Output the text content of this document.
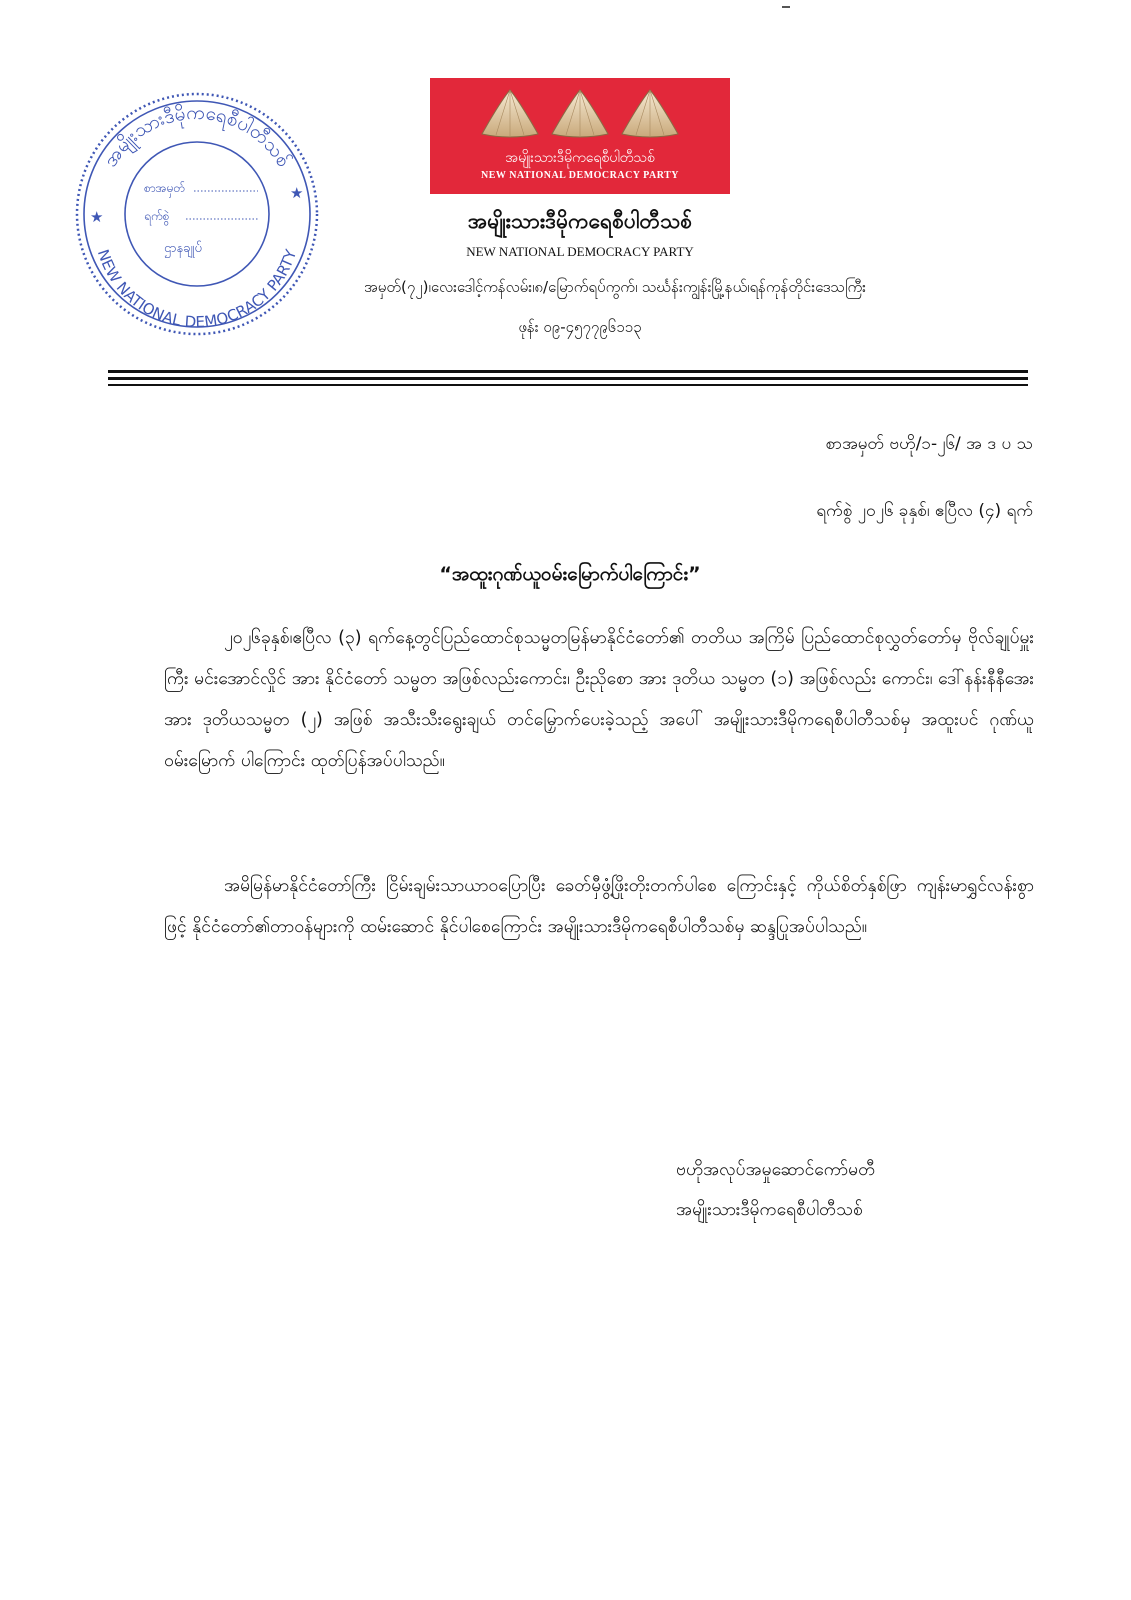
အမျိုးသားဒီမိုကရေစီပါတီသစ်
NEW NATIONAL DEMOCRACY PARTY
အမျိုးသားဒီမိုကရေစီပါတီသစ်
NEW NATIONAL DEMOCRACY PARTY
အမှတ်(၇၂)၊လေးဒေါင့်ကန်လမ်း၊၈/မြောက်ရပ်ကွက်၊ သင်္ဃန်းကျွန်းမြို့နယ်၊ရန်ကုန်တိုင်းဒေသကြီး
ဖုန်း ၀၉-၄၅၇၇၉၆၁၁၃
အမျိုးသားဒီမိုကရေစီပါတီသစ်
NEW NATIONAL DEMOCRACY PARTY
★
★
စာအမှတ်
ရက်စွဲ
ဌာနချုပ်
စာအမှတ် ဗဟို/၁-၂၆/ အ ဒ ပ သ
ရက်စွဲ ၂၀၂၆ ခုနှစ်၊ ဧပြီလ (၄) ရက်
“အထူးဂုဏ်ယူဝမ်းမြောက်ပါကြောင်း”
၂၀၂၆ခုနှစ်၊ဧပြီလ (၃) ရက်နေ့တွင်ပြည်ထောင်စုသမ္မတမြန်မာနိုင်ငံတော်၏ တတိယ အကြိမ် ပြည်ထောင်စုလွှတ်တော်မှ ဗိုလ်ချုပ်မှူးကြီး မင်းအောင်လှိုင် အား နိုင်ငံတော် သမ္မတ အဖြစ်လည်းကောင်း၊ ဦးညိုစော အား ဒုတိယ သမ္မတ (၁) အဖြစ်လည်း ကောင်း၊ ဒေါ်နန်းနီနီအေး အား ဒုတိယသမ္မတ (၂) အဖြစ် အသီးသီးရွေးချယ် တင်မြှောက်ပေးခဲ့သည့် အပေါ် အမျိုးသားဒီမိုကရေစီပါတီသစ်မှ အထူးပင် ဂုဏ်ယူဝမ်းမြောက် ပါကြောင်း ထုတ်ပြန်အပ်ပါသည်။
အမိမြန်မာနိုင်ငံတော်ကြီး ငြိမ်းချမ်းသာယာဝပြောပြီး ခေတ်မှီဖွံ့ဖြိုးတိုးတက်ပါစေ ကြောင်းနှင့် ကိုယ်စိတ်နှစ်ဖြာ ကျန်းမာရွှင်လန်းစွာဖြင့် နိုင်ငံတော်၏တာဝန်များကို ထမ်းဆောင် နိုင်ပါစေကြောင်း အမျိုးသားဒီမိုကရေစီပါတီသစ်မှ ဆန္ဒပြုအပ်ပါသည်။
ဗဟိုအလုပ်အမှုဆောင်ကော်မတီ
အမျိုးသားဒီမိုကရေစီပါတီသစ်
